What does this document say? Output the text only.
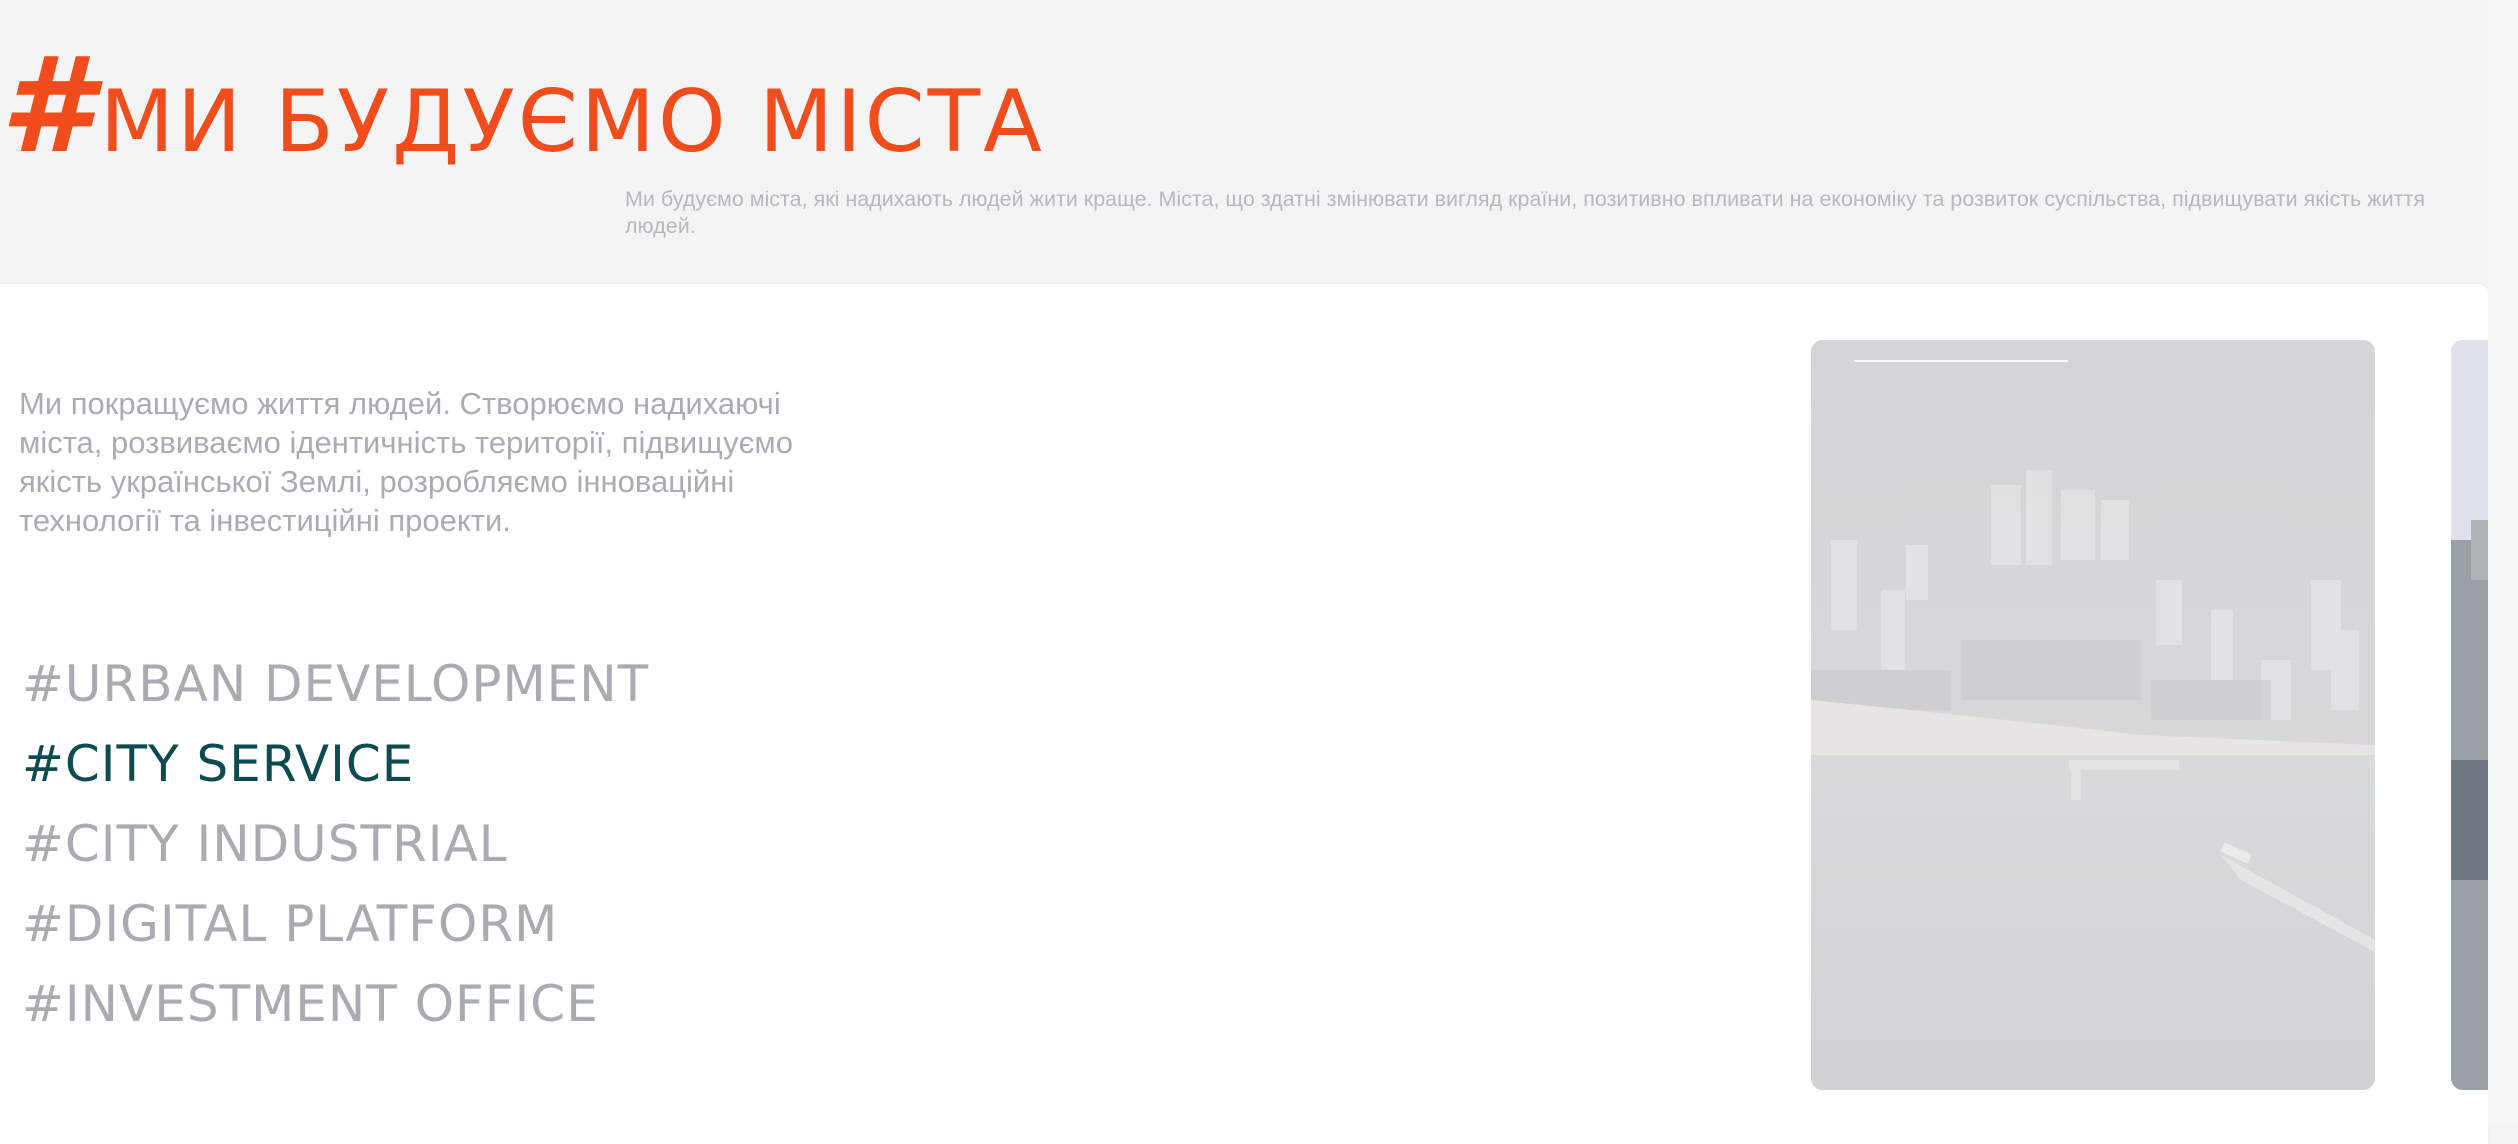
# МИ БУДУЄМО МІСТА
Ми будуємо міста, які надихають людей жити краще. Міста, що здатні змінювати вигляд країни, позитивно впливати на економіку та розвиток суспільства, підвищувати якість життя людей.
Ми покращуємо життя людей. Створюємо надихаючі міста, розвиваємо ідентичність території, підвищуємо якість української Землі, розробляємо інноваційні технології та інвестиційні проекти.
#URBAN DEVELOPMENT
#CITY SERVICE
#CITY INDUSTRIAL
#DIGITAL PLATFORM
#INVESTMENT OFFICE
